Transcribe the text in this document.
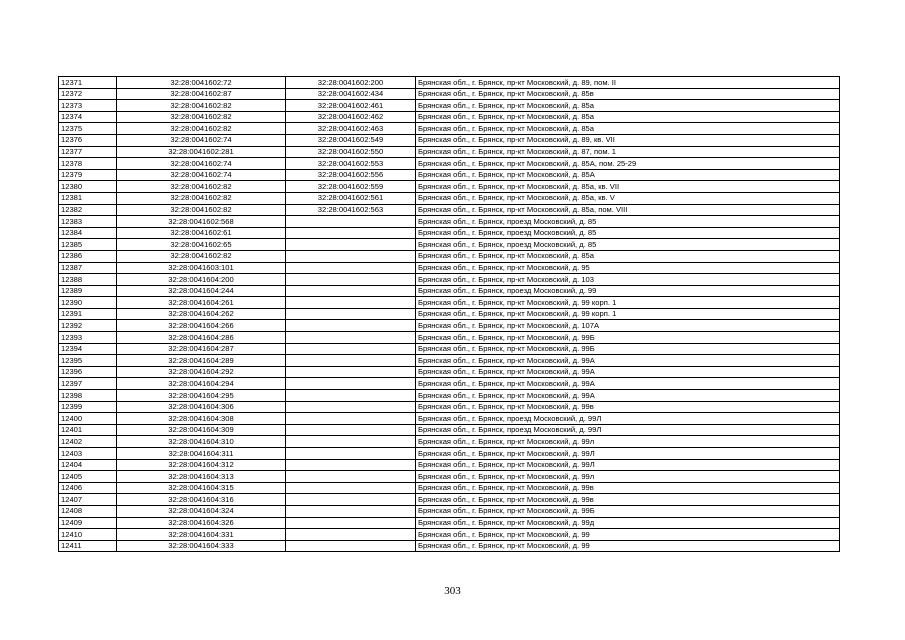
12371	32:28:0041602:72	32:28:0041602:200	Брянская обл., г. Брянск, пр-кт Московский, д. 89, пом. II
12372	32:28:0041602:87	32:28:0041602:434	Брянская обл., г. Брянск, пр-кт Московский, д. 85в
12373	32:28:0041602:82	32:28:0041602:461	Брянская обл., г. Брянск, пр-кт Московский, д. 85а
12374	32:28:0041602:82	32:28:0041602:462	Брянская обл., г. Брянск, пр-кт Московский, д. 85а
12375	32:28:0041602:82	32:28:0041602:463	Брянская обл., г. Брянск, пр-кт Московский, д. 85а
12376	32:28:0041602:74	32:28:0041602:549	Брянская обл., г. Брянск, пр-кт Московский, д. 89, кв. VII
12377	32:28:0041602:281	32:28:0041602:550	Брянская обл., г. Брянск, пр-кт Московский, д. 87, пом. 1
12378	32:28:0041602:74	32:28:0041602:553	Брянская обл., г. Брянск, пр-кт Московский, д. 85А, пом. 25-29
12379	32:28:0041602:74	32:28:0041602:556	Брянская обл., г. Брянск, пр-кт Московский, д. 85А
12380	32:28:0041602:82	32:28:0041602:559	Брянская обл., г. Брянск, пр-кт Московский, д. 85а, кв. VII
12381	32:28:0041602:82	32:28:0041602:561	Брянская обл., г. Брянск, пр-кт Московский, д. 85а, кв. V
12382	32:28:0041602:82	32:28:0041602:563	Брянская обл., г. Брянск, пр-кт Московский, д. 85а, пом. VIII
12383	32:28:0041602:568		Брянская обл., г. Брянск, проезд Московский, д. 85
12384	32:28:0041602:61		Брянская обл., г. Брянск, проезд Московский, д. 85
12385	32:28:0041602:65		Брянская обл., г. Брянск, проезд Московский, д. 85
12386	32:28:0041602:82		Брянская обл., г. Брянск, пр-кт Московский, д. 85а
12387	32:28:0041603:101		Брянская обл., г. Брянск, пр-кт Московский, д. 95
12388	32:28:0041604:200		Брянская обл., г. Брянск, пр-кт Московский, д. 103
12389	32:28:0041604:244		Брянская обл., г. Брянск, проезд Московский, д. 99
12390	32:28:0041604:261		Брянская обл., г. Брянск, пр-кт Московский, д. 99 корп. 1
12391	32:28:0041604:262		Брянская обл., г. Брянск, пр-кт Московский, д. 99 корп. 1
12392	32:28:0041604:266		Брянская обл., г. Брянск, пр-кт Московский, д. 107А
12393	32:28:0041604:286		Брянская обл., г. Брянск, пр-кт Московский, д. 99Б
12394	32:28:0041604:287		Брянская обл., г. Брянск, пр-кт Московский, д. 99Б
12395	32:28:0041604:289		Брянская обл., г. Брянск, пр-кт Московский, д. 99А
12396	32:28:0041604:292		Брянская обл., г. Брянск, пр-кт Московский, д. 99А
12397	32:28:0041604:294		Брянская обл., г. Брянск, пр-кт Московский, д. 99А
12398	32:28:0041604:295		Брянская обл., г. Брянск, пр-кт Московский, д. 99А
12399	32:28:0041604:306		Брянская обл., г. Брянск, пр-кт Московский, д. 99в
12400	32:28:0041604:308		Брянская обл., г. Брянск, проезд Московский, д. 99Л
12401	32:28:0041604:309		Брянская обл., г. Брянск, проезд Московский, д. 99Л
12402	32:28:0041604:310		Брянская обл., г. Брянск, пр-кт Московский, д. 99л
12403	32:28:0041604:311		Брянская обл., г. Брянск, пр-кт Московский, д. 99Л
12404	32:28:0041604:312		Брянская обл., г. Брянск, пр-кт Московский, д. 99Л
12405	32:28:0041604:313		Брянская обл., г. Брянск, пр-кт Московский, д. 99л
12406	32:28:0041604:315		Брянская обл., г. Брянск, пр-кт Московский, д. 99в
12407	32:28:0041604:316		Брянская обл., г. Брянск, пр-кт Московский, д. 99в
12408	32:28:0041604:324		Брянская обл., г. Брянск, пр-кт Московский, д. 99Б
12409	32:28:0041604:326		Брянская обл., г. Брянск, пр-кт Московский, д. 99д
12410	32:28:0041604:331		Брянская обл., г. Брянск, пр-кт Московский, д. 99
12411	32:28:0041604:333		Брянская обл., г. Брянск, пр-кт Московский, д. 99
303
